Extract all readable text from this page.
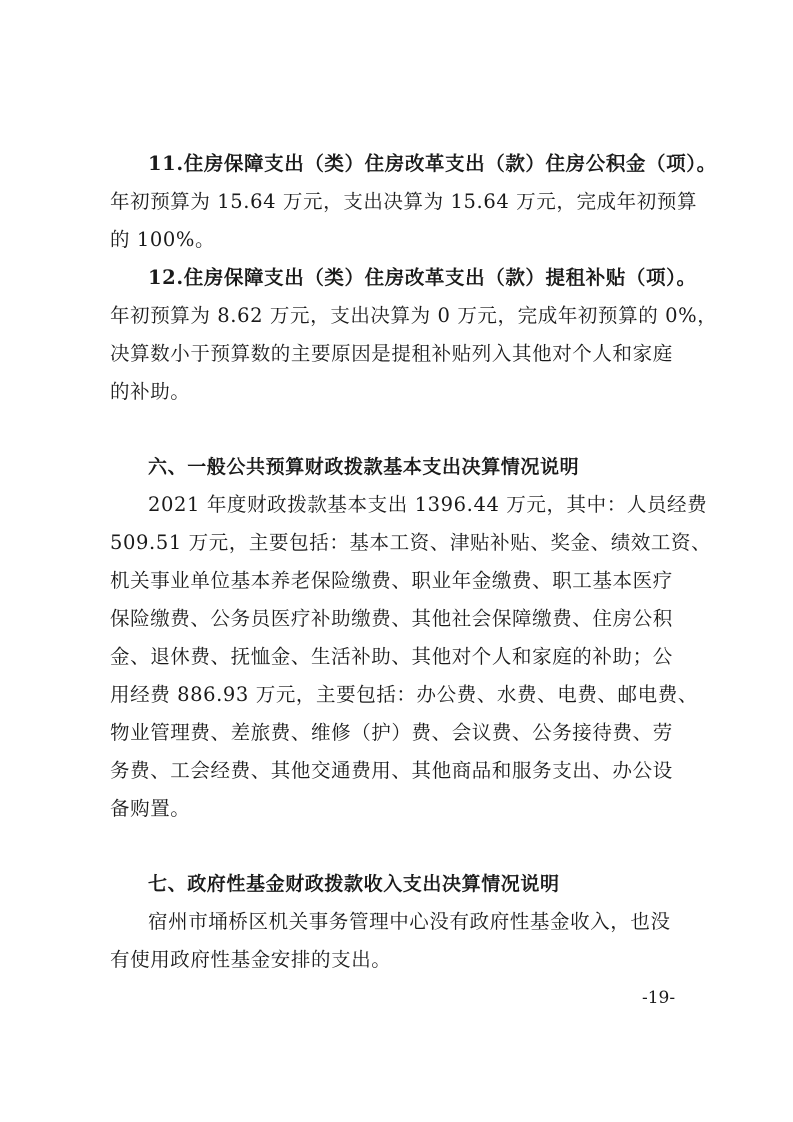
11.住房保障支出（类）住房改革支出（款）住房公积金（项）。
年初预算为 15.64 万元，支出决算为 15.64 万元，完成年初预算
的 100%。
12.住房保障支出（类）住房改革支出（款）提租补贴（项）。
年初预算为 8.62 万元，支出决算为 0 万元，完成年初预算的 0%，
决算数小于预算数的主要原因是提租补贴列入其他对个人和家庭
的补助。
六、一般公共预算财政拨款基本支出决算情况说明
2021 年度财政拨款基本支出 1396.44 万元，其中：人员经费
509.51 万元，主要包括：基本工资、津贴补贴、奖金、绩效工资、
机关事业单位基本养老保险缴费、职业年金缴费、职工基本医疗
保险缴费、公务员医疗补助缴费、其他社会保障缴费、住房公积
金、退休费、抚恤金、生活补助、其他对个人和家庭的补助；公
用经费 886.93 万元，主要包括：办公费、水费、电费、邮电费、
物业管理费、差旅费、维修（护）费、会议费、公务接待费、劳
务费、工会经费、其他交通费用、其他商品和服务支出、办公设
备购置。
七、政府性基金财政拨款收入支出决算情况说明
宿州市埇桥区机关事务管理中心没有政府性基金收入，也没
有使用政府性基金安排的支出。
-19-
